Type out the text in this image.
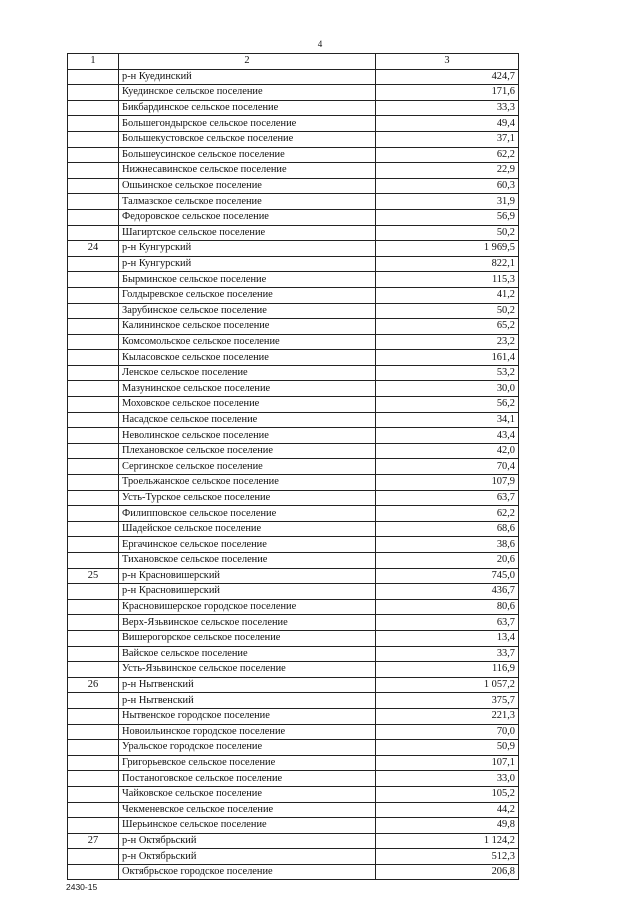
4
1	2	3
	р-н Куединский	424,7
	Куединское сельское поселение	171,6
	Бикбардинское сельское поселение	33,3
	Большегондырское сельское поселение	49,4
	Большекустовское сельское поселение	37,1
	Большеусинское сельское поселение	62,2
	Нижнесавинское сельское поселение	22,9
	Ошьинское сельское поселение	60,3
	Талмазское сельское поселение	31,9
	Федоровское сельское поселение	56,9
	Шагиртское сельское поселение	50,2
24	р-н Кунгурский	1 969,5
	р-н Кунгурский	822,1
	Бырминское сельское поселение	115,3
	Голдыревское сельское поселение	41,2
	Зарубинское сельское поселение	50,2
	Калининское сельское поселение	65,2
	Комсомольское сельское поселение	23,2
	Кыласовское сельское поселение	161,4
	Ленское сельское поселение	53,2
	Мазунинское сельское поселение	30,0
	Моховское сельское поселение	56,2
	Насадское сельское поселение	34,1
	Неволинское сельское поселение	43,4
	Плехановское сельское поселение	42,0
	Сергинское сельское поселение	70,4
	Троельжанское сельское поселение	107,9
	Усть-Турское сельское поселение	63,7
	Филипповское сельское поселение	62,2
	Шадейское сельское поселение	68,6
	Ергачинское сельское поселение	38,6
	Тихановское сельское поселение	20,6
25	р-н Красновишерский	745,0
	р-н Красновишерский	436,7
	Красновишерское городское поселение	80,6
	Верх-Язьвинское сельское поселение	63,7
	Вишерогорское сельское поселение	13,4
	Вайское сельское поселение	33,7
	Усть-Язьвинское сельское поселение	116,9
26	р-н Нытвенский	1 057,2
	р-н Нытвенский	375,7
	Нытвенское городское поселение	221,3
	Новоильинское городское поселение	70,0
	Уральское городское поселение	50,9
	Григорьевское сельское поселение	107,1
	Постаноговское сельское поселение	33,0
	Чайковское сельское поселение	105,2
	Чекменевское сельское поселение	44,2
	Шерьинское сельское поселение	49,8
27	р-н Октябрьский	1 124,2
	р-н Октябрьский	512,3
	Октябрьское городское поселение	206,8
2430-15
